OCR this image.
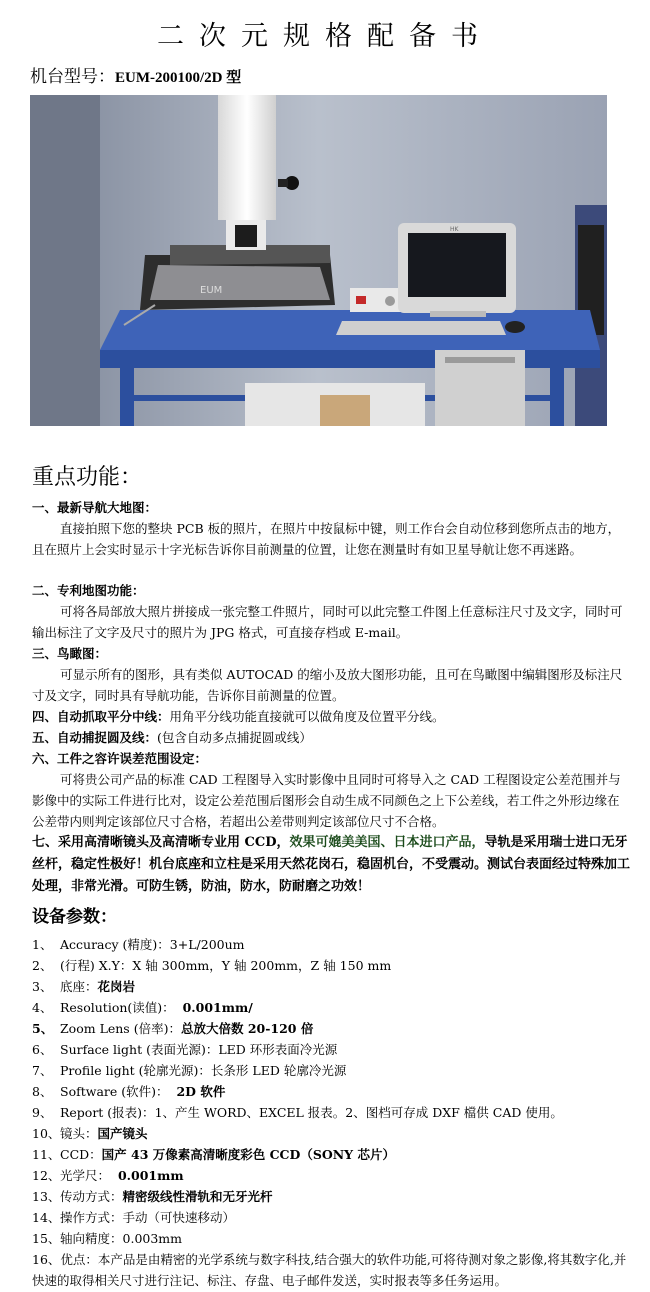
二次元规格配备书
机台型号：EUM-200100/2D 型
EUM
HK
重点功能：
一、最新导航大地图：
直接拍照下您的整块 PCB 板的照片，在照片中按鼠标中键，则工作台会自动位移到您所点击的地方，且在照片上会实时显示十字光标告诉你目前测量的位置，让您在测量时有如卫星导航让您不再迷路。
二、专利地图功能：
可将各局部放大照片拼接成一张完整工件照片，同时可以此完整工件图上任意标注尺寸及文字，同时可输出标注了文字及尺寸的照片为 JPG 格式，可直接存档或 E-mail。
三、鸟瞰图：
可显示所有的图形，具有类似 AUTOCAD 的缩小及放大图形功能，且可在鸟瞰图中编辑图形及标注尺寸及文字，同时具有导航功能，告诉你目前测量的位置。
四、自动抓取平分中线：用角平分线功能直接就可以做角度及位置平分线。
五、自动捕捉圆及线：(包含自动多点捕捉圆或线）
六、工件之容许误差范围设定：
可将贵公司产品的标准 CAD 工程图导入实时影像中且同时可将导入之 CAD 工程图设定公差范围并与影像中的实际工件进行比对，设定公差范围后图形会自动生成不同颜色之上下公差线，若工件之外形边缘在公差带内则判定该部位尺寸合格，若超出公差带则判定该部位尺寸不合格。
七、采用高清晰镜头及高清晰专业用 CCD，效果可媲美美国、日本进口产品，导轨是采用瑞士进口无牙丝杆，稳定性极好！机台底座和立柱是采用天然花岗石，稳固机台，不受震动。测试台表面经过特殊加工处理，非常光滑。可防生锈，防油，防水，防耐磨之功效！
设备参数：
1、 Accuracy (精度)：3+L/200um
2、 (行程) X.Y：X 轴 300mm，Y 轴 200mm，Z 轴 150 mm
3、 底座：花岗岩
4、 Resolution(读值)： 0.001mm/
5、 Zoom Lens (倍率)：总放大倍数 20-120 倍
6、 Surface light (表面光源)：LED 环形表面冷光源
7、 Profile light (轮廓光源)：长条形 LED 轮廓冷光源
8、 Software (软件)： 2D 软件
9、 Report (报表)：1、产生 WORD、EXCEL 报表。2、图档可存成 DXF 檔供 CAD 使用。
10、镜头：国产镜头
11、CCD：国产 43 万像素高清晰度彩色 CCD（SONY 芯片）
12、光学尺： 0.001mm
13、传动方式：精密级线性滑轨和无牙光杆
14、操作方式：手动（可快速移动）
15、轴向精度：0.003mm
16、优点：本产品是由精密的光学系统与数字科技,结合强大的软件功能,可将待测对象之影像,将其数字化,并快速的取得相关尺寸进行注记、标注、存盘、电子邮件发送，实时报表等多任务运用。
